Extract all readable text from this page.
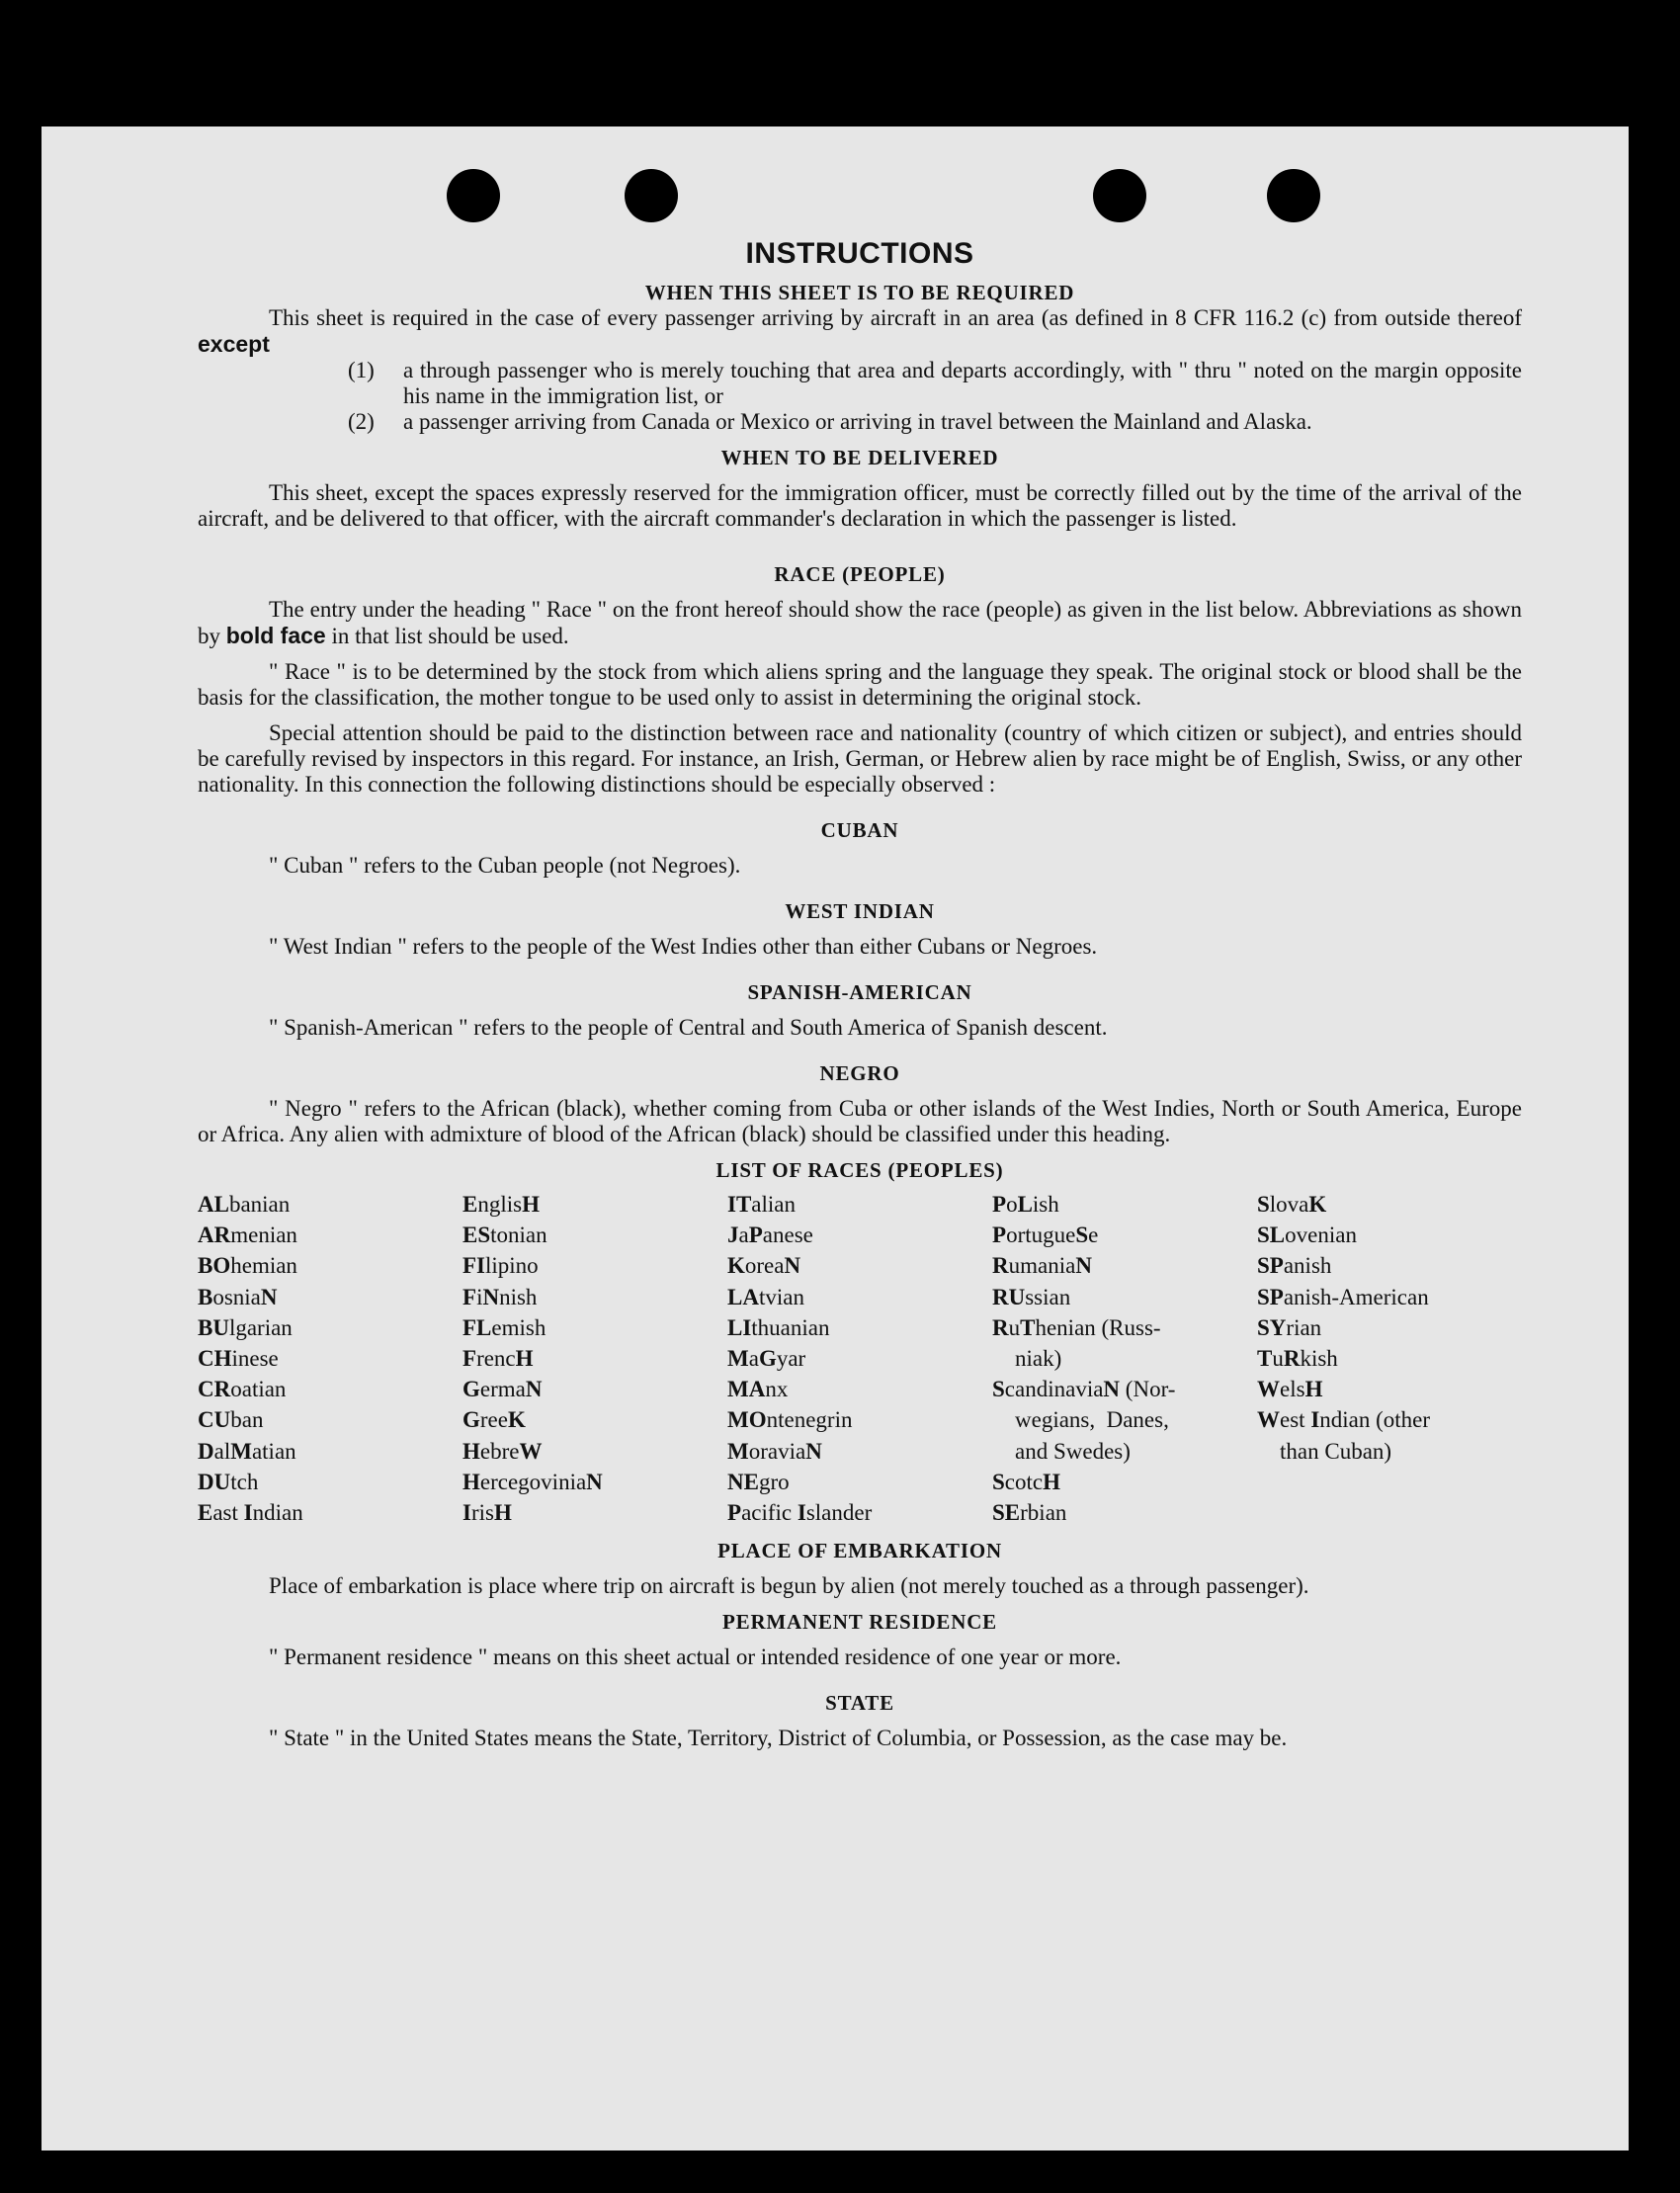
INSTRUCTIONS
WHEN THIS SHEET IS TO BE REQUIRED

This sheet is required in the case of every passenger arriving by aircraft in an area (as defined in 8 CFR 116.2 (c) from outside thereof except

(1)	a through passenger who is merely touching that area and departs accordingly, with " thru " noted on the margin opposite his name in the immigration list, or
(2)	a passenger arriving from Canada or Mexico or arriving in travel between the Mainland and Alaska.
WHEN TO BE DELIVERED

This sheet, except the spaces expressly reserved for the immigration officer, must be correctly filled out by the time of the arrival of the aircraft, and be delivered to that officer, with the aircraft commander's declaration in which the passenger is listed.

RACE (PEOPLE)

The entry under the heading " Race " on the front hereof should show the race (people) as given in the list below. Abbreviations as shown by bold face in that list should be used.

" Race " is to be determined by the stock from which aliens spring and the language they speak. The original stock or blood shall be the basis for the classification, the mother tongue to be used only to assist in determining the original stock.

Special attention should be paid to the distinction between race and nationality (country of which citizen or subject), and entries should be carefully revised by inspectors in this regard. For instance, an Irish, German, or Hebrew alien by race might be of English, Swiss, or any other nationality. In this connection the following distinctions should be especially observed :

CUBAN

" Cuban " refers to the Cuban people (not Negroes).

WEST INDIAN

" West Indian " refers to the people of the West Indies other than either Cubans or Negroes.

SPANISH-AMERICAN

" Spanish-American " refers to the people of Central and South America of Spanish descent.

NEGRO

" Negro " refers to the African (black), whether coming from Cuba or other islands of the West Indies, North or South America, Europe or Africa. Any alien with admixture of blood of the African (black) should be classified under this heading.

LIST OF RACES (PEOPLES)
ALbanian
ARmenian
BOhemian
BosniaN
BUlgarian
CHinese
CRoatian
CUban
DalMatian
DUtch
East Indian
EnglisH
EStonian
FIlipino
FiNnish
FLemish
FrencH
GermaN
GreeK
HebreW
HercegoviniaN
IrisH
ITalian
JaPanese
KoreaN
LAtvian
LIthuanian
MaGyar
MAnx
MOntenegrin
MoraviaN
NEgro
Pacific Islander
PoLish
PortugueSe
RumaniaN
RUssian
RuThenian (Russ-
niak)
ScandinaviaN (Nor-
wegians,  Danes,
and Swedes)
ScotcH
SErbian
SlovaK
SLovenian
SPanish
SPanish-American
SYrian
TuRkish
WelsH
West Indian (other
than Cuban)
PLACE OF EMBARKATION

Place of embarkation is place where trip on aircraft is begun by alien (not merely touched as a through passenger).

PERMANENT RESIDENCE

" Permanent residence " means on this sheet actual or intended residence of one year or more.

STATE

" State " in the United States means the State, Territory, District of Columbia, or Possession, as the case may be.
